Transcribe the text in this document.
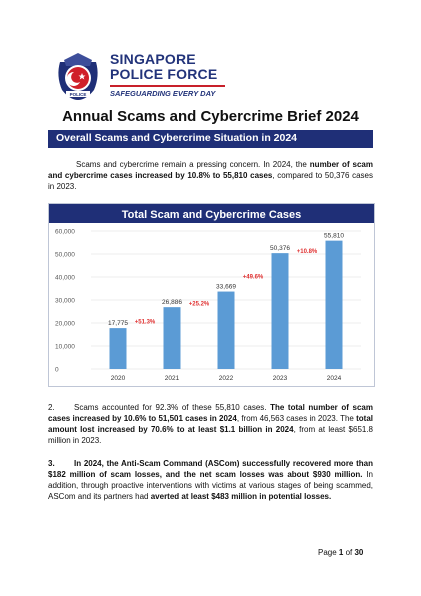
POLICE
SINGAPORE
POLICE FORCE
SAFEGUARDING EVERY DAY
Annual Scams and Cybercrime Brief 2024
Overall Scams and Cybercrime Situation in 2024
Scams and cybercrime remain a pressing concern. In 2024, the number of scam and cybercrime cases increased by 10.8% to 55,810 cases, compared to 50,376 cases in 2023.
Total Scam and Cybercrime Cases
0
10,000
20,000
30,000
40,000
50,000
60,000
17,775
26,886
33,669
50,376
55,810
+51.3%
+25.2%
+49.6%
+10.8%
2020	2021	2022	2023	2024
2. Scams accounted for 92.3% of these 55,810 cases. The total number of scam cases increased by 10.6% to 51,501 cases in 2024, from 46,563 cases in 2023. The total amount lost increased by 70.6% to at least $1.1 billion in 2024, from at least $651.8 million in 2023.
3. In 2024, the Anti-Scam Command (ASCom) successfully recovered more than $182 million of scam losses, and the net scam losses was about $930 million. In addition, through proactive interventions with victims at various stages of being scammed, ASCom and its partners had averted at least $483 million in potential losses.
Page 1 of 30
